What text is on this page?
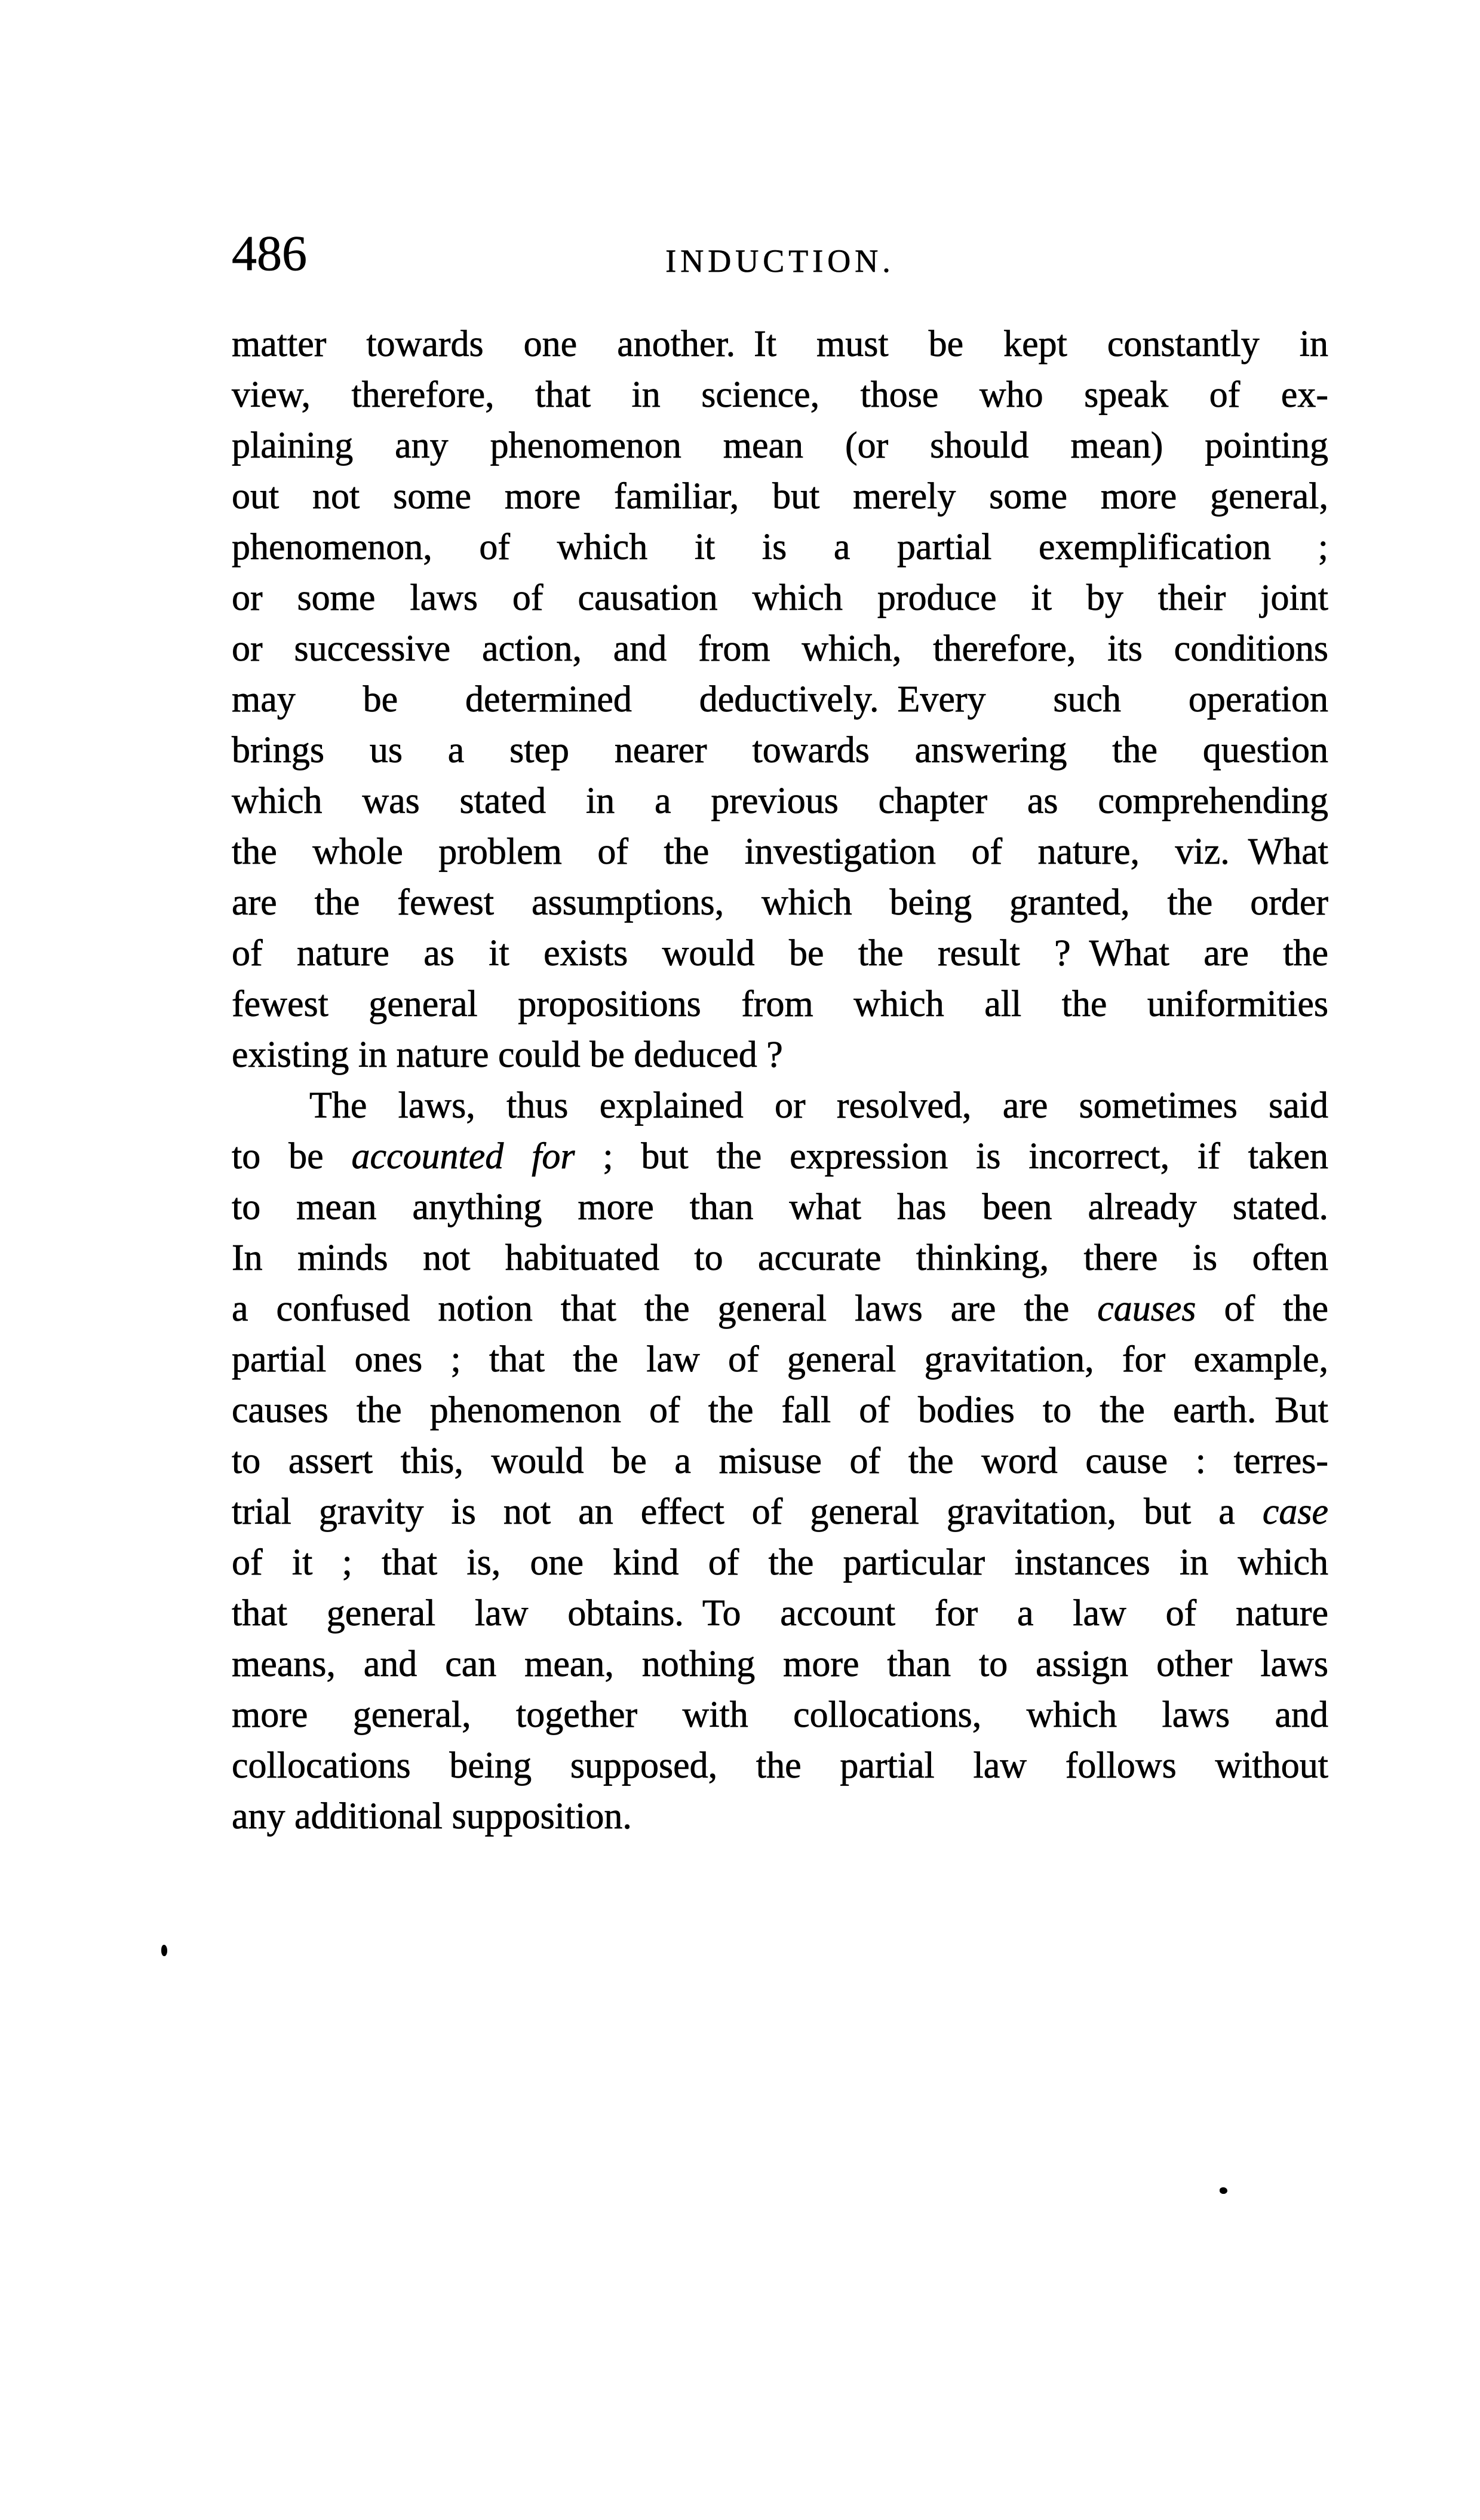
486	INDUCTION.
matter towards one another. It must be kept constantly in
view, therefore, that in science, those who speak of ex-
plaining any phenomenon mean (or should mean) pointing
out not some more familiar, but merely some more general,
phenomenon, of which it is a partial exemplification ;
or some laws of causation which produce it by their joint
or successive action, and from which, therefore, its conditions
may be determined deductively. Every such operation
brings us a step nearer towards answering the question
which was stated in a previous chapter as comprehending
the whole problem of the investigation of nature, viz. What
are the fewest assumptions, which being granted, the order
of nature as it exists would be the result ? What are the
fewest general propositions from which all the uniformities
existing in nature could be deduced ?
The laws, thus explained or resolved, are sometimes said
to be accounted for ; but the expression is incorrect, if taken
to mean anything more than what has been already stated.
In minds not habituated to accurate thinking, there is often
a confused notion that the general laws are the causes of the
partial ones ; that the law of general gravitation, for example,
causes the phenomenon of the fall of bodies to the earth. But
to assert this, would be a misuse of the word cause : terres-
trial gravity is not an effect of general gravitation, but a case
of it ; that is, one kind of the particular instances in which
that general law obtains. To account for a law of nature
means, and can mean, nothing more than to assign other laws
more general, together with collocations, which laws and
collocations being supposed, the partial law follows without
any additional supposition.
